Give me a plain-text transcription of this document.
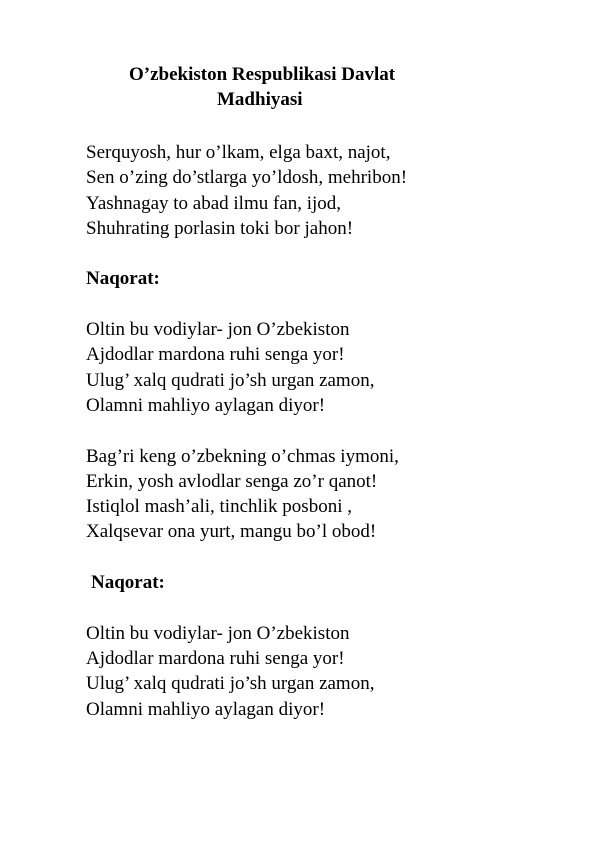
O’zbekiston Respublikasi Davlat
Madhiyasi
Serquyosh, hur o’lkam, elga baxt, najot,
Sen o’zing do’stlarga yo’ldosh, mehribon!
Yashnagay to abad ilmu fan, ijod,
Shuhrating porlasin toki bor jahon!
Naqorat:
Oltin bu vodiylar- jon O’zbekiston
Ajdodlar mardona ruhi senga yor!
Ulug’ xalq qudrati jo’sh urgan zamon,
Olamni mahliyo aylagan diyor!
Bag’ri keng o’zbekning o’chmas iymoni,
Erkin, yosh avlodlar senga zo’r qanot!
Istiqlol mash’ali, tinchlik posboni ,
Xalqsevar ona yurt, mangu bo’l obod!
Naqorat:
Oltin bu vodiylar- jon O’zbekiston
Ajdodlar mardona ruhi senga yor!
Ulug’ xalq qudrati jo’sh urgan zamon,
Olamni mahliyo aylagan diyor!
